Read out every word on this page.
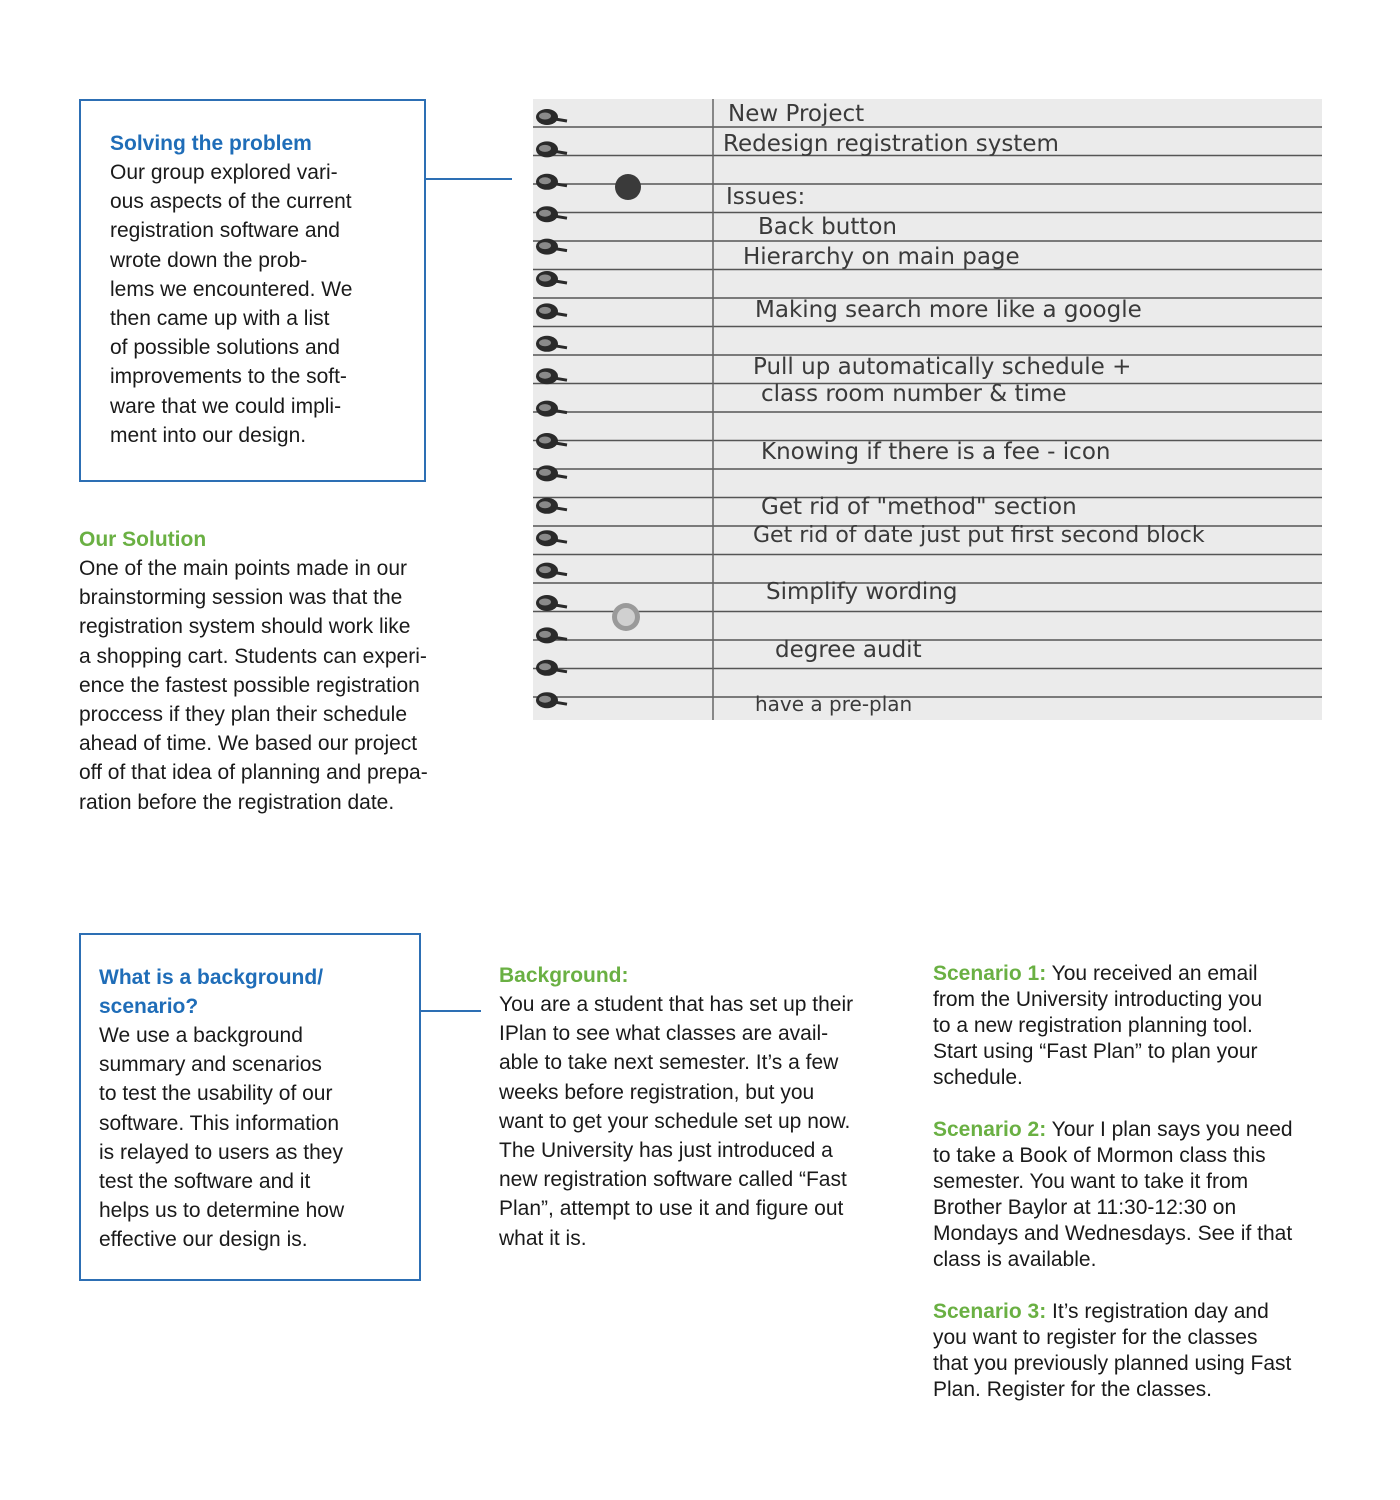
Solving the problem

Our group explored vari-
ous aspects of the current
registration software and
wrote down the prob-
lems we encountered. We
then came up with a list
of possible solutions and
improvements to the soft-
ware that we could impli-
ment into our design.

Our Solution

One of the main points made in our
brainstorming session was that the
registration system should work like
a shopping cart. Students can experi-
ence the fastest possible registration
proccess if they plan their schedule
ahead of time. We based our project
off of that idea of planning and prepa-
ration before the registration date.

New Project
Redesign registration system
Issues:
Back button
Hierarchy on main page
Making search more like a google
Pull up automatically schedule +
class room number & time
Knowing if there is a fee - icon
Get rid of "method" section
Get rid of date just put first second block
Simplify wording
degree audit
have a pre-plan
What is a background/
scenario?

We use a background
summary and scenarios
to test the usability of our
software. This information
is relayed to users as they
test the software and it
helps us to determine how
effective our design is.

Background:

You are a student that has set up their
IPlan to see what classes are avail-
able to take next semester. It’s a few
weeks before registration, but you
want to get your schedule set up now.
The University has just introduced a
new registration software called “Fast
Plan”, attempt to use it and figure out
what it is.

Scenario 1: You received an email
from the University introducting you
to a new registration planning tool.
Start using “Fast Plan” to plan your
schedule.

Scenario 2: Your I plan says you need
to take a Book of Mormon class this
semester. You want to take it from
Brother Baylor at 11:30-12:30 on
Mondays and Wednesdays. See if that
class is available.

Scenario 3: It’s registration day and
you want to register for the classes
that you previously planned using Fast
Plan. Register for the classes.
